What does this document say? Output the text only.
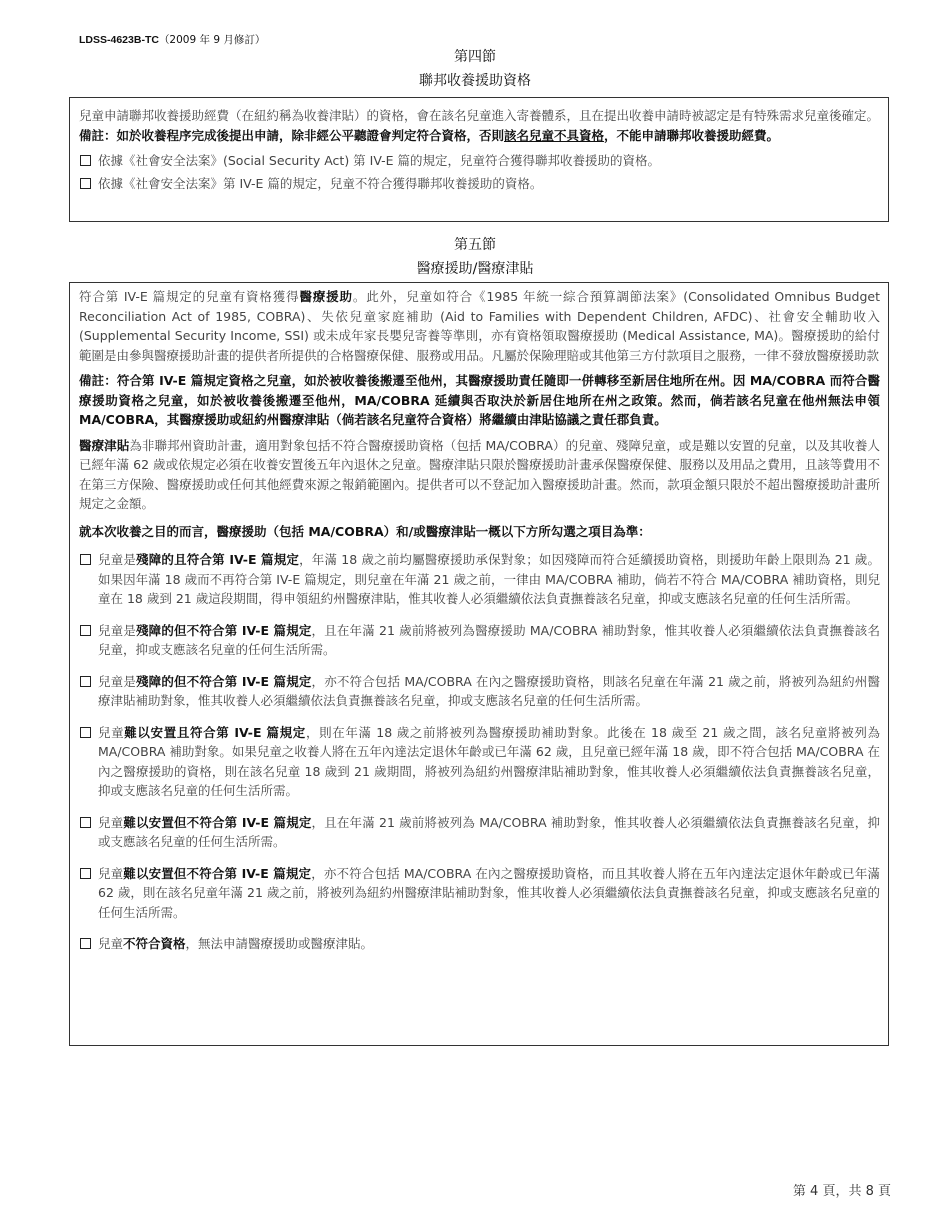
LDSS-4623B-TC（2009 年 9 月修訂）
第四節
聯邦收養援助資格

兒童申請聯邦收養援助經費（在紐約稱為收養津貼）的資格，會在該名兒童進入寄養體系，且在提出收養申請時被認定是有特殊需求兒童後確定。備註：如於收養程序完成後提出申請，除非經公平聽證會判定符合資格，否則該名兒童不具資格，不能申請聯邦收養援助經費。

依據《社會安全法案》(Social Security Act) 第 IV-E 篇的規定，兒童符合獲得聯邦收養援助的資格。

依據《社會安全法案》第 IV-E 篇的規定，兒童不符合獲得聯邦收養援助的資格。

第五節
醫療援助/醫療津貼

符合第 IV-E 篇規定的兒童有資格獲得醫療援助。此外，兒童如符合《1985 年統一綜合預算調節法案》(Consolidated Omnibus Budget Reconciliation Act of 1985, COBRA)、失依兒童家庭補助 (Aid to Families with Dependent Children, AFDC)、社會安全輔助收入 (Supplemental Security Income, SSI) 或未成年家長嬰兒寄養等準則，亦有資格領取醫療援助 (Medical Assistance, MA)。醫療援助的給付範圍是由參與醫療援助計畫的提供者所提供的合格醫療保健、服務或用品。凡屬於保險理賠或其他第三方付款項目之服務，一律不發放醫療援助款

備註：符合第 IV-E 篇規定資格之兒童，如於被收養後搬遷至他州，其醫療援助責任隨即一併轉移至新居住地所在州。因 MA/COBRA 而符合醫療援助資格之兒童，如於被收養後搬遷至他州，MA/COBRA 延續與否取決於新居住地所在州之政策。然而，倘若該名兒童在他州無法申領 MA/COBRA，其醫療援助或紐約州醫療津貼（倘若該名兒童符合資格）將繼續由津貼協議之責任郡負責。

醫療津貼為非聯邦州資助計畫，適用對象包括不符合醫療援助資格（包括 MA/COBRA）的兒童、殘障兒童，或是難以安置的兒童，以及其收養人已經年滿 62 歲或依規定必須在收養安置後五年內退休之兒童。醫療津貼只限於醫療援助計畫承保醫療保健、服務以及用品之費用，且該等費用不在第三方保險、醫療援助或任何其他經費來源之報銷範圍內。提供者可以不登記加入醫療援助計畫。然而，款項金額只限於不超出醫療援助計畫所規定之金額。

就本次收養之目的而言，醫療援助（包括 MA/COBRA）和/或醫療津貼一概以下方所勾選之項目為準：

兒童是殘障的且符合第 IV-E 篇規定，年滿 18 歲之前均屬醫療援助承保對象；如因殘障而符合延續援助資格，則援助年齡上限則為 21 歲。如果因年滿 18 歲而不再符合第 IV-E 篇規定，則兒童在年滿 21 歲之前，一律由 MA/COBRA 補助，倘若不符合 MA/COBRA 補助資格，則兒童在 18 歲到 21 歲這段期間，得申領紐約州醫療津貼，惟其收養人必須繼續依法負責撫養該名兒童，抑或支應該名兒童的任何生活所需。

兒童是殘障的但不符合第 IV-E 篇規定，且在年滿 21 歲前將被列為醫療援助 MA/COBRA 補助對象，惟其收養人必須繼續依法負責撫養該名兒童，抑或支應該名兒童的任何生活所需。

兒童是殘障的但不符合第 IV-E 篇規定，亦不符合包括 MA/COBRA 在內之醫療援助資格，則該名兒童在年滿 21 歲之前，將被列為紐約州醫療津貼補助對象，惟其收養人必須繼續依法負責撫養該名兒童，抑或支應該名兒童的任何生活所需。

兒童難以安置且符合第 IV-E 篇規定，則在年滿 18 歲之前將被列為醫療援助補助對象。此後在 18 歲至 21 歲之間，該名兒童將被列為 MA/COBRA 補助對象。如果兒童之收養人將在五年內達法定退休年齡或已年滿 62 歲，且兒童已經年滿 18 歲，即不符合包括 MA/COBRA 在內之醫療援助的資格，則在該名兒童 18 歲到 21 歲期間，將被列為紐約州醫療津貼補助對象，惟其收養人必須繼續依法負責撫養該名兒童，抑或支應該名兒童的任何生活所需。

兒童難以安置但不符合第 IV-E 篇規定，且在年滿 21 歲前將被列為 MA/COBRA 補助對象，惟其收養人必須繼續依法負責撫養該名兒童，抑或支應該名兒童的任何生活所需。

兒童難以安置但不符合第 IV-E 篇規定，亦不符合包括 MA/COBRA 在內之醫療援助資格，而且其收養人將在五年內達法定退休年齡或已年滿 62 歲，則在該名兒童年滿 21 歲之前，將被列為紐約州醫療津貼補助對象，惟其收養人必須繼續依法負責撫養該名兒童，抑或支應該名兒童的任何生活所需。

兒童不符合資格，無法申請醫療援助或醫療津貼。

第 4 頁，共 8 頁
